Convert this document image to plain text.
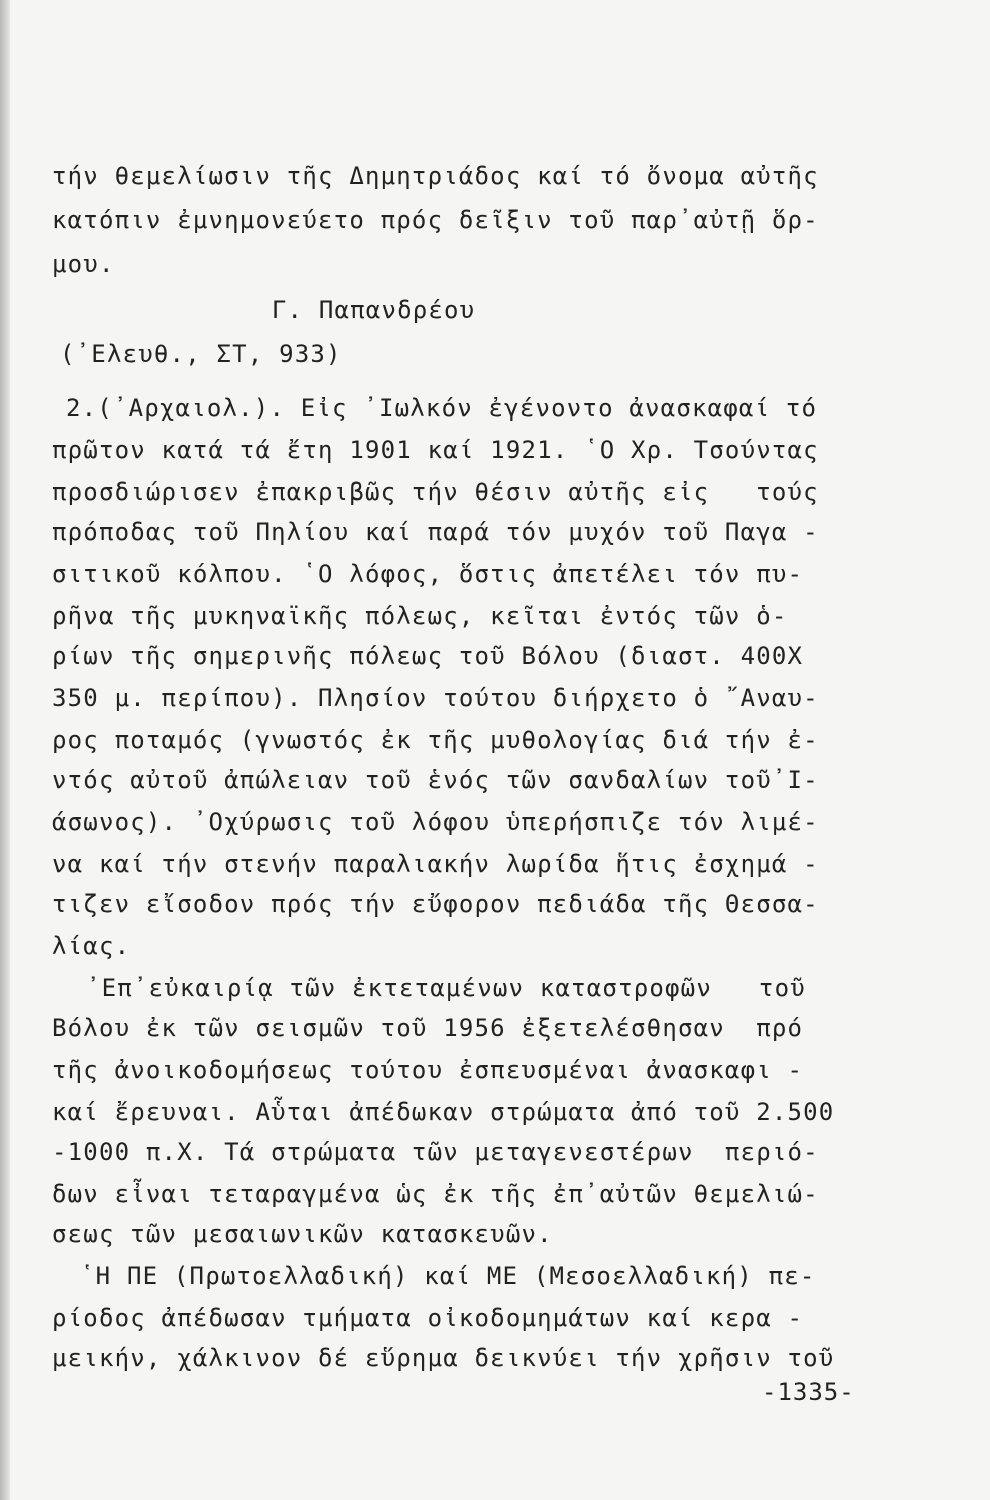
τήν θεμελίωσιν τῆς Δημητριάδος καί τό ὄνομα αὐτῆς
κατόπιν ἐμνημονεύετο πρός δεῖξιν τοῦ παρ᾽αὐτῇ ὅρ-
μου.
Γ. Παπανδρέου
(᾽Ελευθ., ΣΤ, 933)
2.(᾽Αρχαιολ.). Εἰς ᾽Ιωλκόν ἐγένοντο ἀνασκαφαί τό
πρῶτον κατά τά ἔτη 1901 καί 1921. ῾Ο Χρ. Τσούντας
προσδιώρισεν ἐπακριβῶς τήν θέσιν αὐτῆς εἰς   τούς
πρόποδας τοῦ Πηλίου καί παρά τόν μυχόν τοῦ Παγα -
σιτικοῦ κόλπου. ῾Ο λόφος, ὅστις ἀπετέλει τόν πυ-
ρῆνα τῆς μυκηναϊκῆς πόλεως, κεῖται ἐντός τῶν ὁ-
ρίων τῆς σημερινῆς πόλεως τοῦ Βόλου (διαστ. 400Χ
350 μ. περίπου). Πλησίον τούτου διήρχετο ὁ ῎Αναυ-
ρος ποταμός (γνωστός ἐκ τῆς μυθολογίας διά τήν ἐ-
ντός αὐτοῦ ἀπώλειαν τοῦ ἑνός τῶν σανδαλίων τοῦ᾽Ι-
άσωνος). ᾽Οχύρωσις τοῦ λόφου ὑπερήσπιζε τόν λιμέ-
να καί τήν στενήν παραλιακήν λωρίδα ἥτις ἐσχημά -
τιζεν εἴσοδον πρός τήν εὔφορον πεδιάδα τῆς Θεσσα-
λίας.
᾽Επ᾽εὐκαιρίᾳ τῶν ἐκτεταμένων καταστροφῶν   τοῦ
Βόλου ἐκ τῶν σεισμῶν τοῦ 1956 ἐξετελέσθησαν  πρό
τῆς ἀνοικοδομήσεως τούτου ἐσπευσμέναι ἀνασκαφι -
καί ἔρευναι. Αὗται ἀπέδωκαν στρώματα ἀπό τοῦ 2.500
-1000 π.Χ. Τά στρώματα τῶν μεταγενεστέρων  περιό-
δων εἶναι τεταραγμένα ὡς ἐκ τῆς ἐπ᾽αὐτῶν θεμελιώ-
σεως τῶν μεσαιωνικῶν κατασκευῶν.
῾Η ΠΕ (Πρωτοελλαδική) καί ΜΕ (Μεσοελλαδική) πε-
ρίοδος ἀπέδωσαν τμήματα οἰκοδομημάτων καί κερα -
μεικήν, χάλκινον δέ εὕρημα δεικνύει τήν χρῆσιν τοῦ
-1335-
